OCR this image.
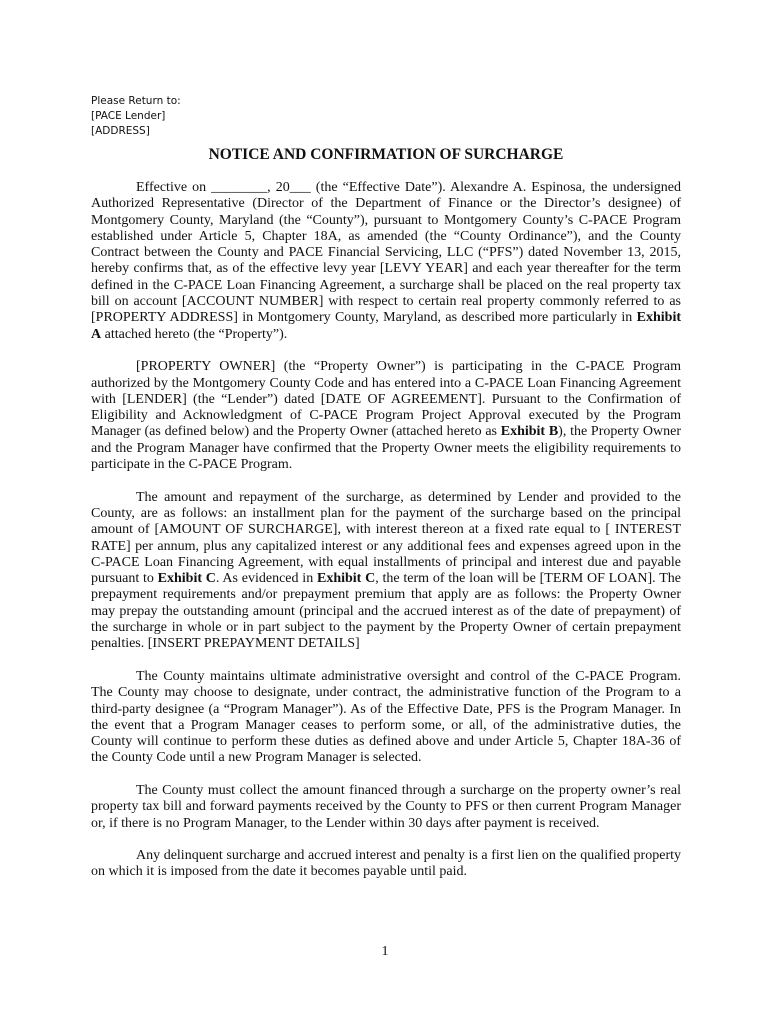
Please Return to:
[PACE Lender]
[ADDRESS]
NOTICE AND CONFIRMATION OF SURCHARGE

Effective on ________, 20___ (the “Effective Date”). Alexandre A. Espinosa, the undersigned Authorized Representative (Director of the Department of Finance or the Director’s designee) of Montgomery County, Maryland (the “County”), pursuant to Montgomery County’s C-PACE Program established under Article 5, Chapter 18A, as amended (the “County Ordinance”), and the County Contract between the County and PACE Financial Servicing, LLC (“PFS”) dated November 13, 2015, hereby confirms that, as of the effective levy year [LEVY YEAR] and each year thereafter for the term defined in the C-PACE Loan Financing Agreement, a surcharge shall be placed on the real property tax bill on account [ACCOUNT NUMBER] with respect to certain real property commonly referred to as [PROPERTY ADDRESS] in Montgomery County, Maryland, as described more particularly in Exhibit A attached hereto (the “Property”).

[PROPERTY OWNER] (the “Property Owner”) is participating in the C-PACE Program authorized by the Montgomery County Code and has entered into a C-PACE Loan Financing Agreement with [LENDER] (the “Lender”) dated [DATE OF AGREEMENT]. Pursuant to the Confirmation of Eligibility and Acknowledgment of C-PACE Program Project Approval executed by the Program Manager (as defined below) and the Property Owner (attached hereto as Exhibit B), the Property Owner and the Program Manager have confirmed that the Property Owner meets the eligibility requirements to participate in the C-PACE Program.

The amount and repayment of the surcharge, as determined by Lender and provided to the County, are as follows: an installment plan for the payment of the surcharge based on the principal amount of [AMOUNT OF SURCHARGE], with interest thereon at a fixed rate equal to [ INTEREST RATE] per annum, plus any capitalized interest or any additional fees and expenses agreed upon in the C-PACE Loan Financing Agreement, with equal installments of principal and interest due and payable pursuant to Exhibit C. As evidenced in Exhibit C, the term of the loan will be [TERM OF LOAN]. The prepayment requirements and/or prepayment premium that apply are as follows: the Property Owner may prepay the outstanding amount (principal and the accrued interest as of the date of prepayment) of the surcharge in whole or in part subject to the payment by the Property Owner of certain prepayment penalties. [INSERT PREPAYMENT DETAILS]

The County maintains ultimate administrative oversight and control of the C-PACE Program. The County may choose to designate, under contract, the administrative function of the Program to a third-party designee (a “Program Manager”). As of the Effective Date, PFS is the Program Manager. In the event that a Program Manager ceases to perform some, or all, of the administrative duties, the County will continue to perform these duties as defined above and under Article 5, Chapter 18A-36 of the County Code until a new Program Manager is selected.

The County must collect the amount financed through a surcharge on the property owner’s real property tax bill and forward payments received by the County to PFS or then current Program Manager or, if there is no Program Manager, to the Lender within 30 days after payment is received.

Any delinquent surcharge and accrued interest and penalty is a first lien on the qualified property on which it is imposed from the date it becomes payable until paid.

1
